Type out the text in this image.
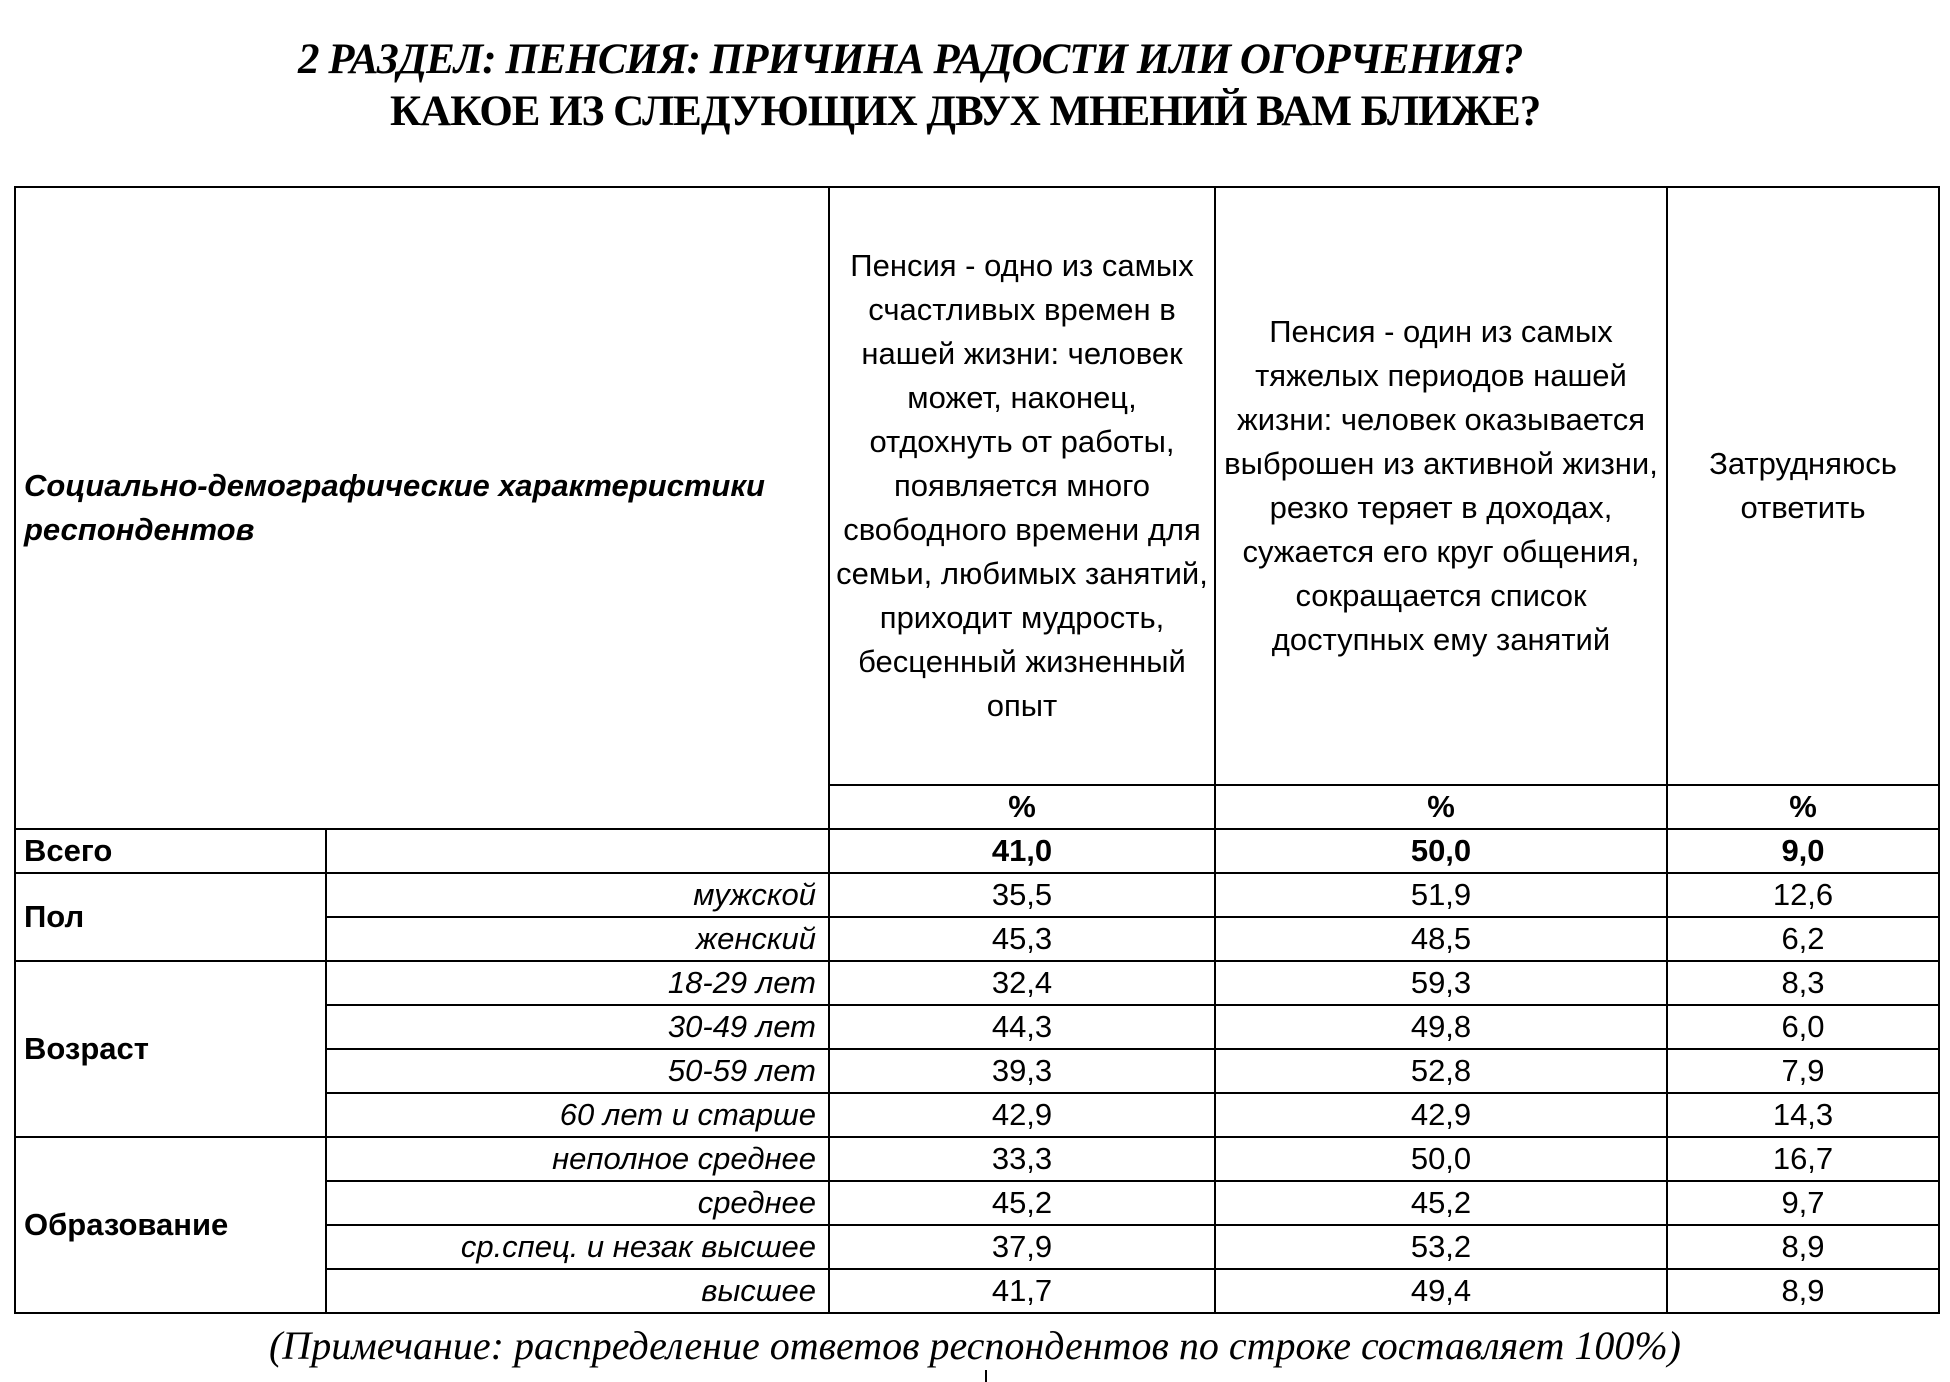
2 РАЗДЕЛ: ПЕНСИЯ: ПРИЧИНА РАДОСТИ ИЛИ ОГОРЧЕНИЯ?
КАКОЕ ИЗ СЛЕДУЮЩИХ ДВУХ МНЕНИЙ ВАМ БЛИЖЕ?
Социально-демографические характеристики респондентов		Пенсия - одно из самых счастливых времен в нашей жизни: человек может, наконец, отдохнуть от работы, появляется много свободного времени для семьи, любимых занятий, приходит мудрость, бесценный жизненный опыт	Пенсия - один из самых тяжелых периодов нашей жизни: человек оказывается выброшен из активной жизни, резко теряет в доходах, сужается его круг общения, сокращается список доступных ему занятий	Затрудняюсь ответить
		%	%	%
Всего		41,0	50,0	9,0
Пол	мужской	35,5	51,9	12,6
	женский	45,3	48,5	6,2
Возраст	18-29 лет	32,4	59,3	8,3
	30-49 лет	44,3	49,8	6,0
	50-59 лет	39,3	52,8	7,9
	60 лет и старше	42,9	42,9	14,3
Образование	неполное среднее	33,3	50,0	16,7
	среднее	45,2	45,2	9,7
	ср.спец. и незак высшее	37,9	53,2	8,9
	высшее	41,7	49,4	8,9
(Примечание: распределение ответов респондентов по строке составляет 100%)
